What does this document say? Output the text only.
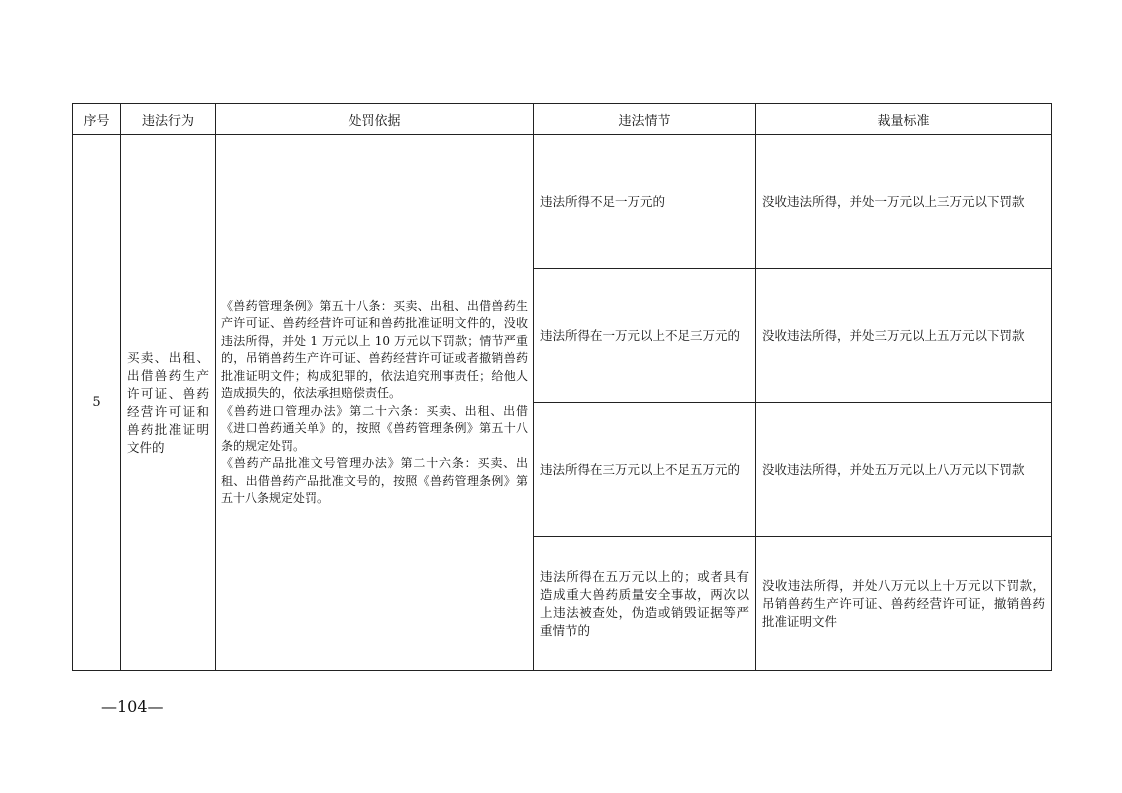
序号	违法行为	处罚依据	违法情节	裁量标准
5	买卖、出租、出借兽药生产许可证、兽药经营许可证和兽药批准证明文件的	《兽药管理条例》第五十八条：买卖、出租、出借兽药生产许可证、兽药经营许可证和兽药批准证明文件的，没收违法所得，并处 1 万元以上 10 万元以下罚款；情节严重的，吊销兽药生产许可证、兽药经营许可证或者撤销兽药批准证明文件；构成犯罪的，依法追究刑事责任；给他人造成损失的，依法承担赔偿责任。

《兽药进口管理办法》第二十六条：买卖、出租、出借《进口兽药通关单》的，按照《兽药管理条例》第五十八条的规定处罚。

《兽药产品批准文号管理办法》第二十六条：买卖、出租、出借兽药产品批准文号的，按照《兽药管理条例》第五十八条规定处罚。	违法所得不足一万元的	没收违法所得，并处一万元以上三万元以下罚款
			违法所得在一万元以上不足三万元的	没收违法所得，并处三万元以上五万元以下罚款
			违法所得在三万元以上不足五万元的	没收违法所得，并处五万元以上八万元以下罚款
			违法所得在五万元以上的；或者具有造成重大兽药质量安全事故，两次以上违法被查处，伪造或销毁证据等严重情节的	没收违法所得，并处八万元以上十万元以下罚款，吊销兽药生产许可证、兽药经营许可证，撤销兽药批准证明文件
—104—
